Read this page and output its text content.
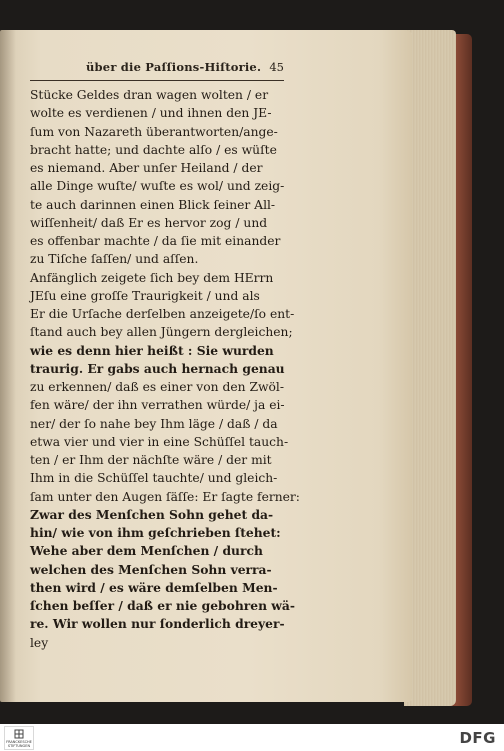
über die Paſſions-Hiſtorie. 45
Stücke Geldes dran wagen wolten / er
wolte es verdienen / und ihnen den JE-
ſum von Nazareth überantworten/ange-
bracht hatte; und dachte alſo / es wüſte
es niemand. Aber unſer Heiland / der
alle Dinge wuſte/ wuſte es wol/ und zeig-
te auch darinnen einen Blick ſeiner All-
wiſſenheit/ daß Er es hervor zog / und
es offenbar machte / da ſie mit einander
zu Tiſche ſaſſen/ und aſſen.
Anfänglich zeigete ſich bey dem HErrn
JEſu eine groſſe Traurigkeit / und als
Er die Urſache derſelben anzeigete/ſo ent-
ſtand auch bey allen Jüngern dergleichen;
wie es denn hier heißt : Sie wurden
traurig. Er gabs auch hernach genau
zu erkennen/ daß es einer von den Zwöl-
fen wäre/ der ihn verrathen würde/ ja ei-
ner/ der ſo nahe bey Ihm läge / daß / da
etwa vier und vier in eine Schüſſel tauch-
ten / er Ihm der nächſte wäre / der mit
Ihm in die Schüſſel tauchte/ und gleich-
ſam unter den Augen ſäſſe: Er ſagte ferner:
Zwar des Menſchen Sohn gehet da-
hin/ wie von ihm geſchrieben ſtehet:
Wehe aber dem Menſchen / durch
welchen des Menſchen Sohn verra-
then wird / es wäre demſelben Men-
ſchen beſſer / daß er nie gebohren wä-
re. Wir wollen nur ſonderlich dreyer-
ley
FRANCKESCHE STIFTUNGEN	DFG
